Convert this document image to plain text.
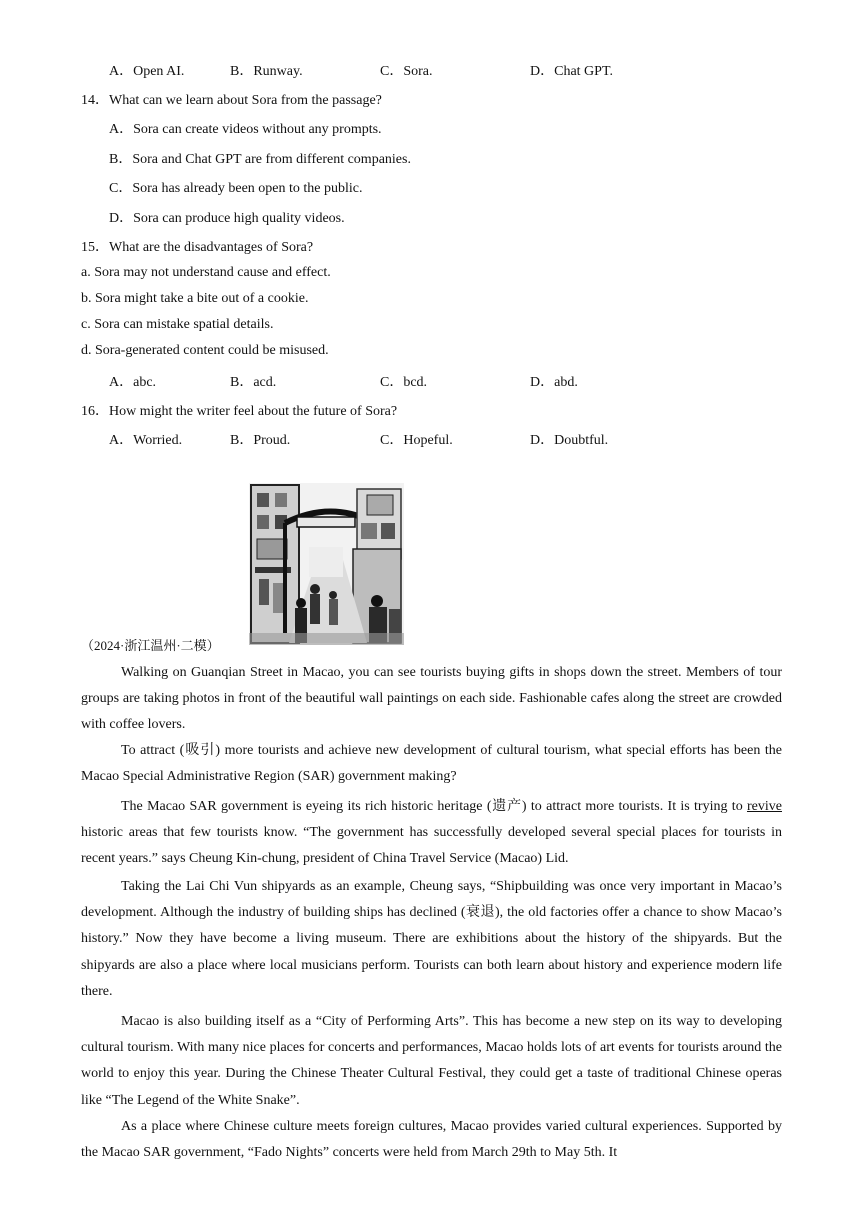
A．Open AI.	B．Runway.	C．Sora.	D．Chat GPT.
14．What can we learn about Sora from the passage?
A．Sora can create videos without any prompts.
B．Sora and Chat GPT are from different companies.
C．Sora has already been open to the public.
D．Sora can produce high quality videos.
15．What are the disadvantages of Sora?
a. Sora may not understand cause and effect.
b. Sora might take a bite out of a cookie.
c. Sora can mistake spatial details.
d. Sora-generated content could be misused.
A．abc.	B．acd.	C．bcd.	D．abd.
16．How might the writer feel about the future of Sora?
A．Worried.	B．Proud.	C．Hopeful.	D．Doubtful.
（2024·浙江温州·二模）
Walking on Guanqian Street in Macao, you can see tourists buying gifts in shops down the street. Members of tour groups are taking photos in front of the beautiful wall paintings on each side. Fashionable cafes along the street are crowded with coffee lovers.
To attract (吸引) more tourists and achieve new development of cultural tourism, what special efforts has been the Macao Special Administrative Region (SAR) government making?
The Macao SAR government is eyeing its rich historic heritage (遗产) to attract more tourists. It is trying to revive historic areas that few tourists know. “The government has successfully developed several special places for tourists in recent years.” says Cheung Kin-chung, president of China Travel Service (Macao) Lid.
Taking the Lai Chi Vun shipyards as an example, Cheung says, “Shipbuilding was once very important in Macao’s development. Although the industry of building ships has declined (衰退), the old factories offer a chance to show Macao’s history.” Now they have become a living museum. There are exhibitions about the history of the shipyards. But the shipyards are also a place where local musicians perform. Tourists can both learn about history and experience modern life there.
Macao is also building itself as a “City of Performing Arts”. This has become a new step on its way to developing cultural tourism. With many nice places for concerts and performances, Macao holds lots of art events for tourists around the world to enjoy this year. During the Chinese Theater Cultural Festival, they could get a taste of traditional Chinese operas like “The Legend of the White Snake”.
As a place where Chinese culture meets foreign cultures, Macao provides varied cultural experiences. Supported by the Macao SAR government, “Fado Nights” concerts were held from March 29th to May 5th. It
